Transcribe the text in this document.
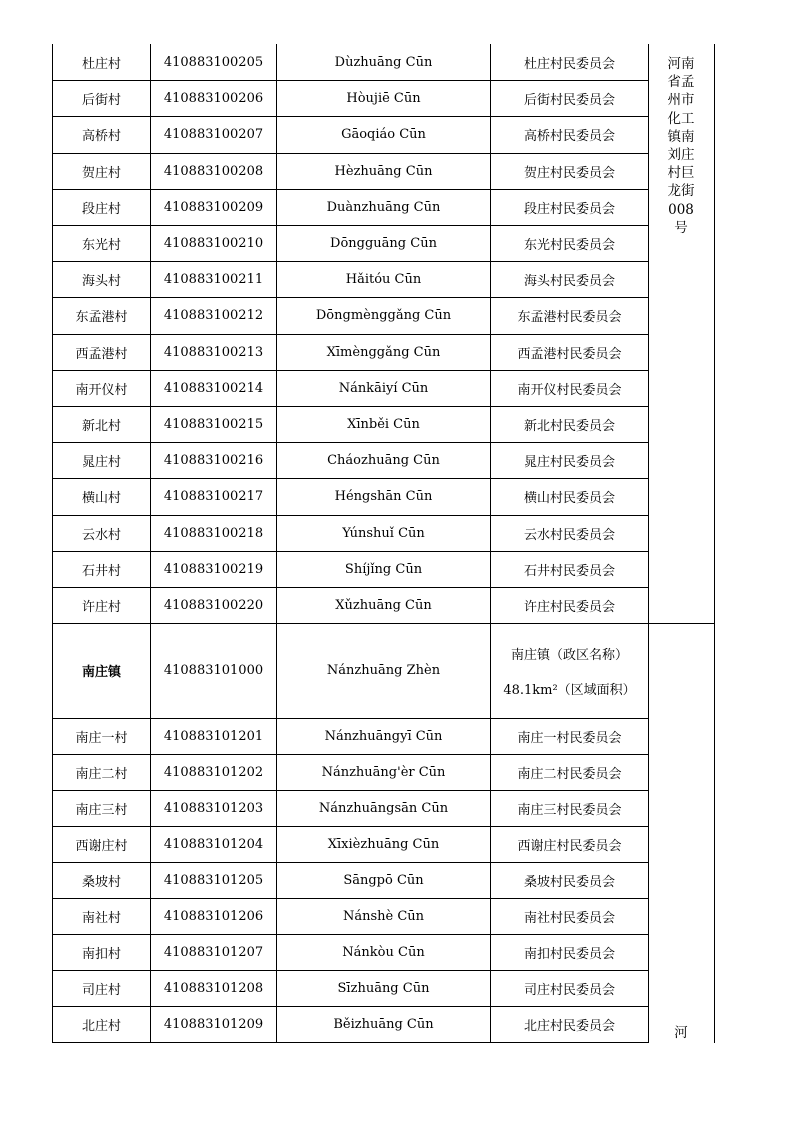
杜庄村	410883100205	Dùzhuāng Cūn	杜庄村民委员会
后街村	410883100206	Hòujiē Cūn	后街村民委员会
高桥村	410883100207	Gāoqiáo Cūn	高桥村民委员会
贺庄村	410883100208	Hèzhuāng Cūn	贺庄村民委员会
段庄村	410883100209	Duànzhuāng Cūn	段庄村民委员会
东光村	410883100210	Dōngguāng Cūn	东光村民委员会
海头村	410883100211	Hǎitóu Cūn	海头村民委员会
东孟港村	410883100212	Dōngmènggǎng Cūn	东孟港村民委员会
西孟港村	410883100213	Xīmènggǎng Cūn	西孟港村民委员会
南开仪村	410883100214	Nánkāiyí Cūn	南开仪村民委员会
新北村	410883100215	Xīnběi Cūn	新北村民委员会
晁庄村	410883100216	Cháozhuāng Cūn	晁庄村民委员会
横山村	410883100217	Héngshān Cūn	横山村民委员会
云水村	410883100218	Yúnshuǐ Cūn	云水村民委员会
石井村	410883100219	Shíjǐng Cūn	石井村民委员会
许庄村	410883100220	Xǔzhuāng Cūn	许庄村民委员会
南庄镇	410883101000	Nánzhuāng Zhèn
南庄镇（政区名称）
48.1km²（区域面积）
南庄一村	410883101201	Nánzhuāngyī Cūn	南庄一村民委员会
南庄二村	410883101202	Nánzhuāng'èr Cūn	南庄二村民委员会
南庄三村	410883101203	Nánzhuāngsān Cūn	南庄三村民委员会
西谢庄村	410883101204	Xīxièzhuāng Cūn	西谢庄村民委员会
桑坡村	410883101205	Sāngpō Cūn	桑坡村民委员会
南社村	410883101206	Nánshè Cūn	南社村民委员会
南扣村	410883101207	Nánkòu Cūn	南扣村民委员会
司庄村	410883101208	Sīzhuāng Cūn	司庄村民委员会
北庄村	410883101209	Běizhuāng Cūn	北庄村民委员会
河南省孟州市化工镇南刘庄村巨龙街008号
河
